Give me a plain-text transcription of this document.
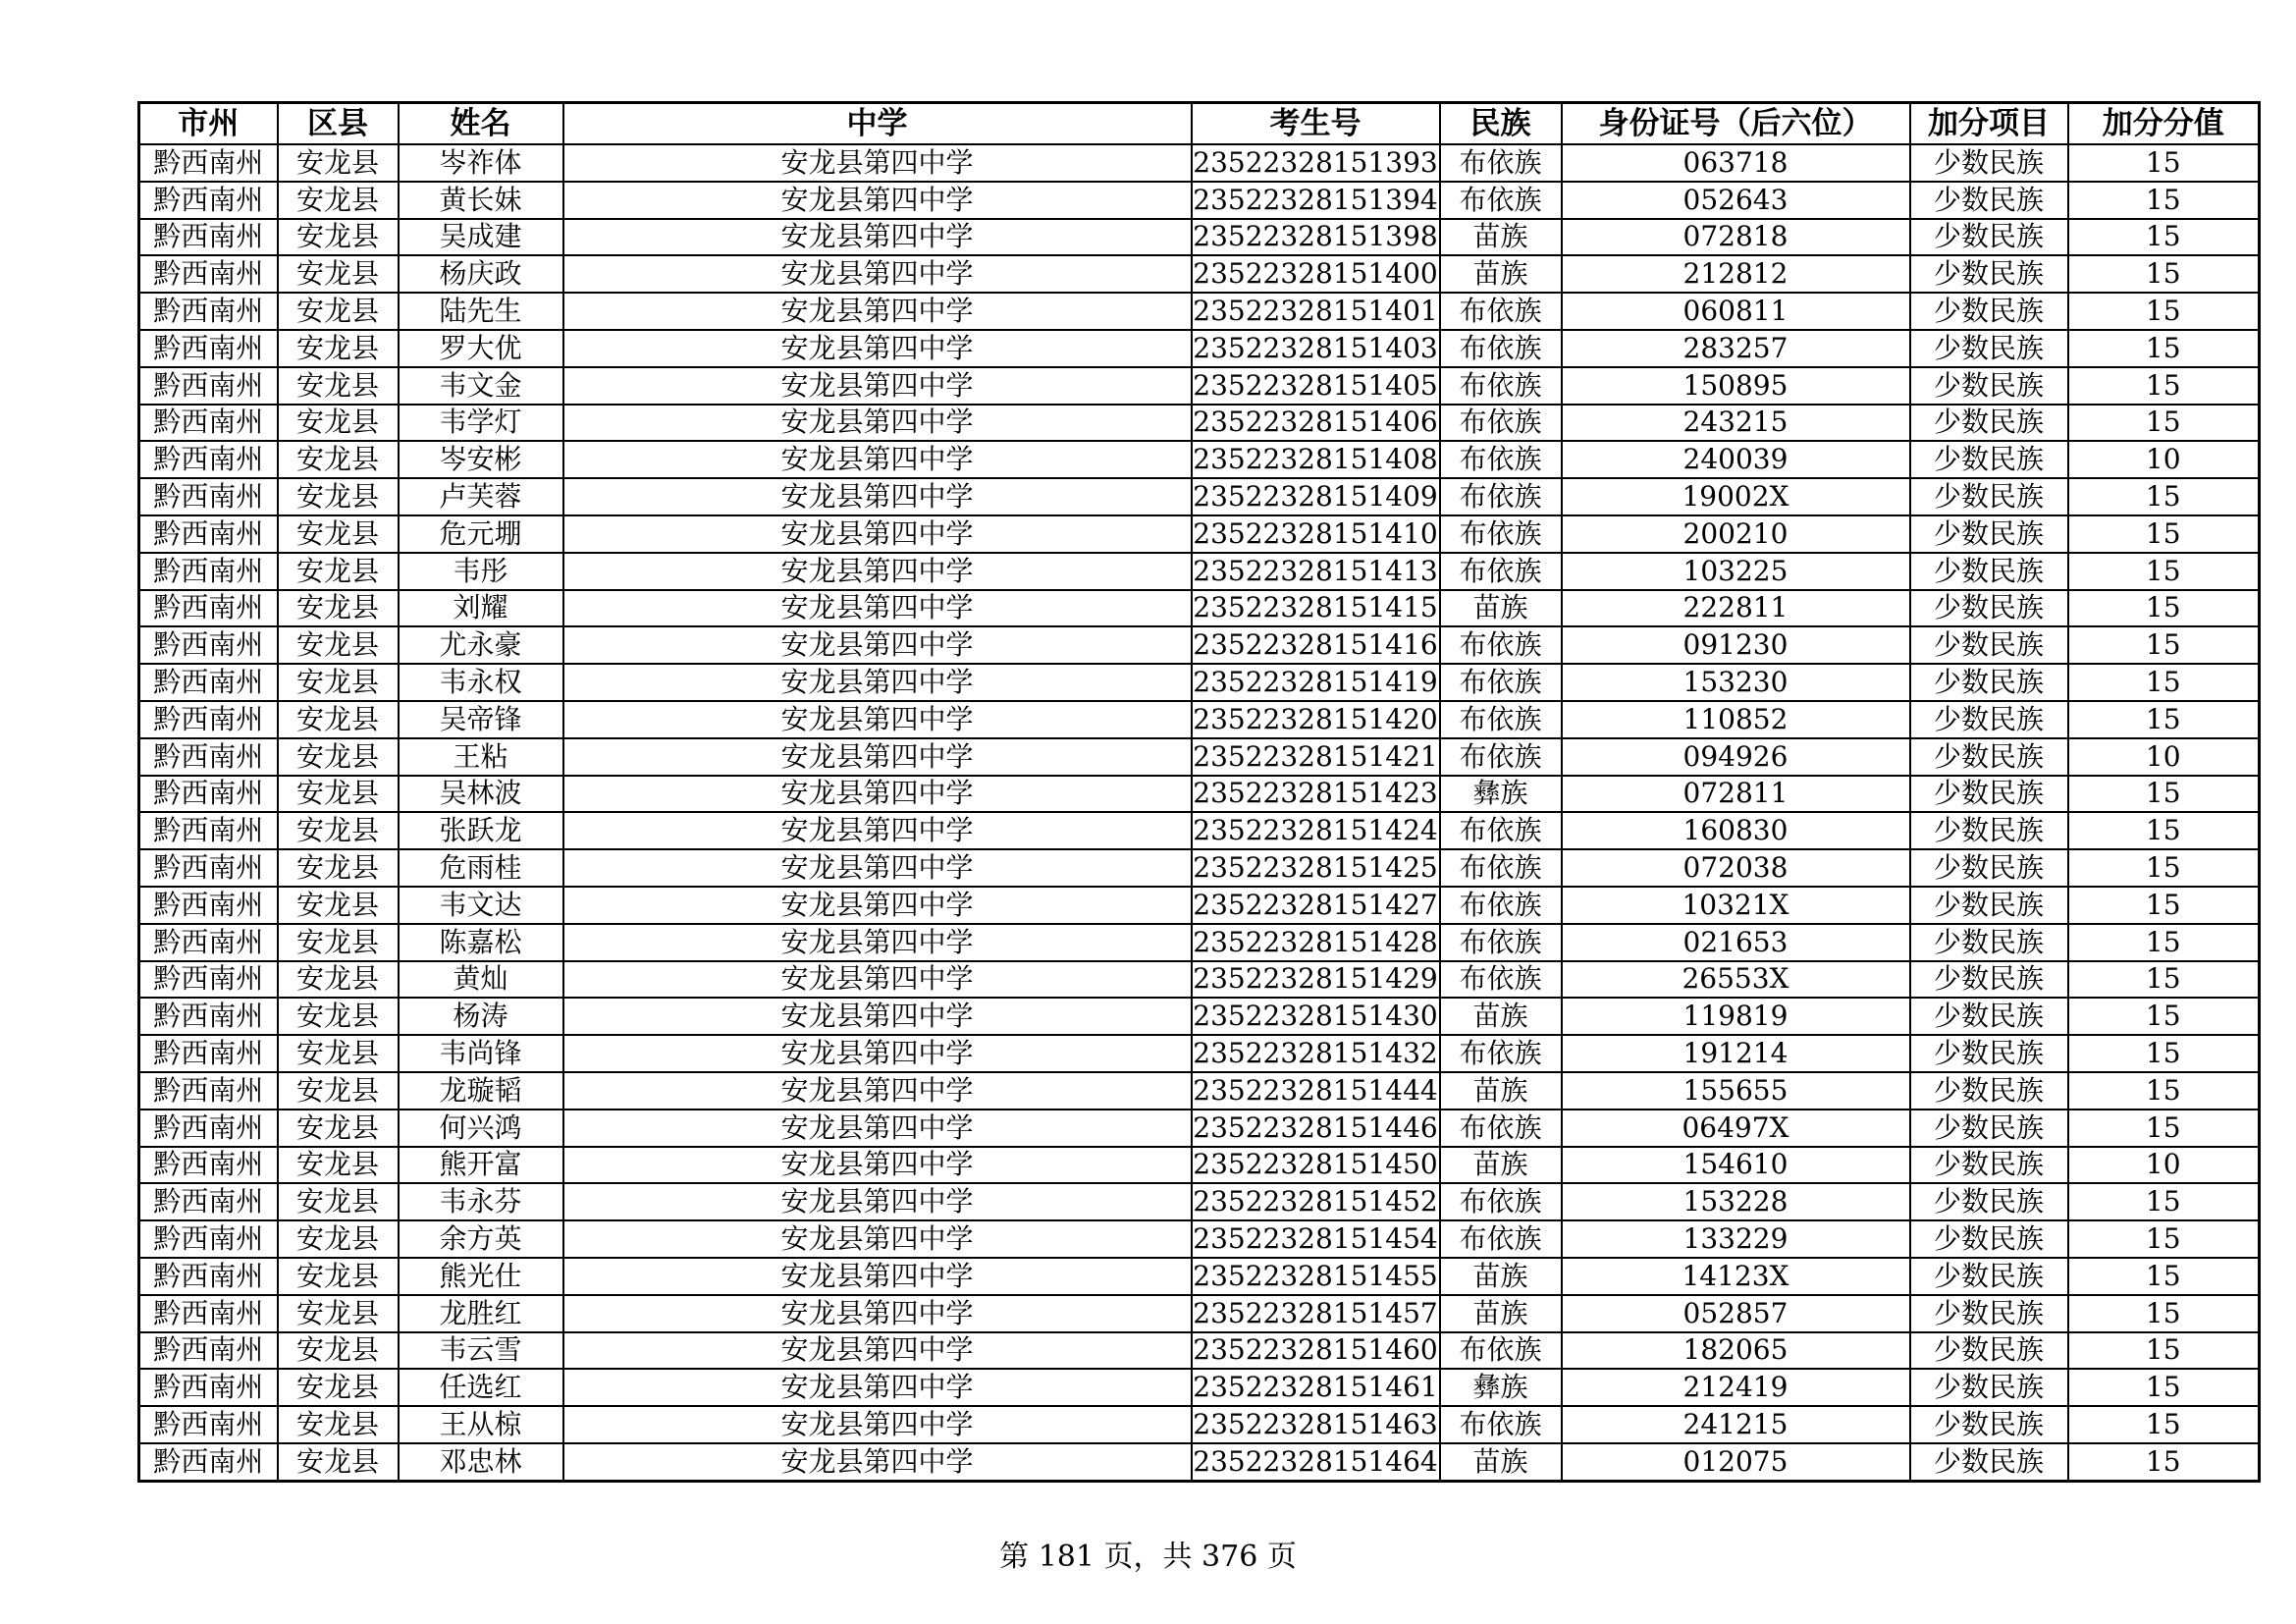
市州	区县	姓名	中学	考生号	民族	身份证号（后六位）	加分项目	加分分值
黔西南州	安龙县	岑祚体	安龙县第四中学	23522328151393	布依族	063718	少数民族	15
黔西南州	安龙县	黄长妹	安龙县第四中学	23522328151394	布依族	052643	少数民族	15
黔西南州	安龙县	吴成建	安龙县第四中学	23522328151398	苗族	072818	少数民族	15
黔西南州	安龙县	杨庆政	安龙县第四中学	23522328151400	苗族	212812	少数民族	15
黔西南州	安龙县	陆先生	安龙县第四中学	23522328151401	布依族	060811	少数民族	15
黔西南州	安龙县	罗大优	安龙县第四中学	23522328151403	布依族	283257	少数民族	15
黔西南州	安龙县	韦文金	安龙县第四中学	23522328151405	布依族	150895	少数民族	15
黔西南州	安龙县	韦学灯	安龙县第四中学	23522328151406	布依族	243215	少数民族	15
黔西南州	安龙县	岑安彬	安龙县第四中学	23522328151408	布依族	240039	少数民族	10
黔西南州	安龙县	卢芙蓉	安龙县第四中学	23522328151409	布依族	19002X	少数民族	15
黔西南州	安龙县	危元堋	安龙县第四中学	23522328151410	布依族	200210	少数民族	15
黔西南州	安龙县	韦彤	安龙县第四中学	23522328151413	布依族	103225	少数民族	15
黔西南州	安龙县	刘耀	安龙县第四中学	23522328151415	苗族	222811	少数民族	15
黔西南州	安龙县	尤永豪	安龙县第四中学	23522328151416	布依族	091230	少数民族	15
黔西南州	安龙县	韦永权	安龙县第四中学	23522328151419	布依族	153230	少数民族	15
黔西南州	安龙县	吴帝锋	安龙县第四中学	23522328151420	布依族	110852	少数民族	15
黔西南州	安龙县	王粘	安龙县第四中学	23522328151421	布依族	094926	少数民族	10
黔西南州	安龙县	吴林波	安龙县第四中学	23522328151423	彝族	072811	少数民族	15
黔西南州	安龙县	张跃龙	安龙县第四中学	23522328151424	布依族	160830	少数民族	15
黔西南州	安龙县	危雨桂	安龙县第四中学	23522328151425	布依族	072038	少数民族	15
黔西南州	安龙县	韦文达	安龙县第四中学	23522328151427	布依族	10321X	少数民族	15
黔西南州	安龙县	陈嘉松	安龙县第四中学	23522328151428	布依族	021653	少数民族	15
黔西南州	安龙县	黄灿	安龙县第四中学	23522328151429	布依族	26553X	少数民族	15
黔西南州	安龙县	杨涛	安龙县第四中学	23522328151430	苗族	119819	少数民族	15
黔西南州	安龙县	韦尚锋	安龙县第四中学	23522328151432	布依族	191214	少数民族	15
黔西南州	安龙县	龙璇韬	安龙县第四中学	23522328151444	苗族	155655	少数民族	15
黔西南州	安龙县	何兴鸿	安龙县第四中学	23522328151446	布依族	06497X	少数民族	15
黔西南州	安龙县	熊开富	安龙县第四中学	23522328151450	苗族	154610	少数民族	10
黔西南州	安龙县	韦永芬	安龙县第四中学	23522328151452	布依族	153228	少数民族	15
黔西南州	安龙县	余方英	安龙县第四中学	23522328151454	布依族	133229	少数民族	15
黔西南州	安龙县	熊光仕	安龙县第四中学	23522328151455	苗族	14123X	少数民族	15
黔西南州	安龙县	龙胜红	安龙县第四中学	23522328151457	苗族	052857	少数民族	15
黔西南州	安龙县	韦云雪	安龙县第四中学	23522328151460	布依族	182065	少数民族	15
黔西南州	安龙县	任选红	安龙县第四中学	23522328151461	彝族	212419	少数民族	15
黔西南州	安龙县	王从椋	安龙县第四中学	23522328151463	布依族	241215	少数民族	15
黔西南州	安龙县	邓忠林	安龙县第四中学	23522328151464	苗族	012075	少数民族	15
第 181 页，共 376 页
